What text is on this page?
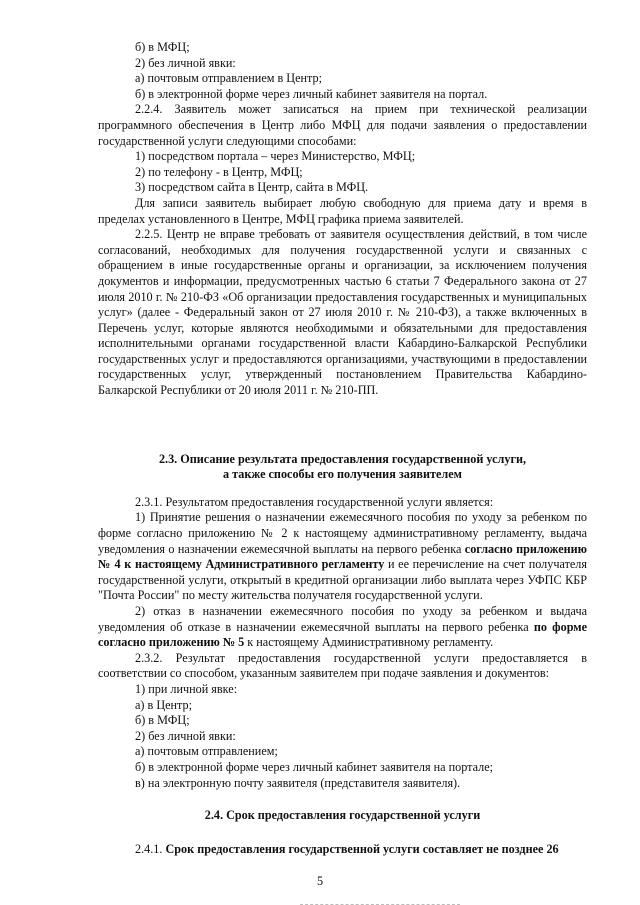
б) в МФЦ;

2) без личной явки:

а) почтовым отправлением в Центр;

б) в электронной форме через личный кабинет заявителя на портал.

2.2.4. Заявитель может записаться на прием при технической реализации программного обеспечения в Центр либо МФЦ для подачи заявления о предоставлении государственной услуги следующими способами:

1) посредством портала – через Министерство, МФЦ;

2) по телефону - в Центр, МФЦ;

3) посредством сайта в Центр, сайта в МФЦ.

Для записи заявитель выбирает любую свободную для приема дату и время в пределах установленного в Центре, МФЦ графика приема заявителей.

2.2.5. Центр не вправе требовать от заявителя осуществления действий, в том числе согласований, необходимых для получения государственной услуги и связанных с обращением в иные государственные органы и организации, за исключением получения документов и информации, предусмотренных частью 6 статьи 7 Федерального закона от 27 июля 2010 г. № 210-ФЗ «Об организации предоставления государственных и муниципальных услуг» (далее - Федеральный закон от 27 июля 2010 г. № 210-ФЗ), а также включенных в Перечень услуг, которые являются необходимыми и обязательными для предоставления исполнительными органами государственной власти Кабардино-Балкарской Республики государственных услуг и предоставляются организациями, участвующими в предоставлении государственных услуг, утвержденный постановлением Правительства Кабардино-Балкарской Республики от 20 июля 2011 г. № 210-ПП.

2.3. Описание результата предоставления государственной услуги,

а также способы его получения заявителем

2.3.1. Результатом предоставления государственной услуги является:

1) Принятие решения о назначении ежемесячного пособия по уходу за ребенком по форме согласно приложению № 2 к настоящему административному регламенту, выдача уведомления о назначении ежемесячной выплаты на первого ребенка согласно приложению № 4 к настоящему Административного регламенту и ее перечисление на счет получателя государственной услуги, открытый в кредитной организации либо выплата через УФПС КБР "Почта России" по месту жительства получателя государственной услуги.

2) отказ в назначении ежемесячного пособия по уходу за ребенком и выдача уведомления об отказе в назначении ежемесячной выплаты на первого ребенка по форме согласно приложению № 5 к настоящему Административному регламенту.

2.3.2. Результат предоставления государственной услуги предоставляется в соответствии со способом, указанным заявителем при подаче заявления и документов:

1) при личной явке:

а) в Центр;

б) в МФЦ;

2) без личной явки:

а) почтовым отправлением;

б) в электронной форме через личный кабинет заявителя на портале;

в) на электронную почту заявителя (представителя заявителя).

2.4. Срок предоставления государственной услуги

2.4.1. Срок предоставления государственной услуги составляет не позднее 26

5
